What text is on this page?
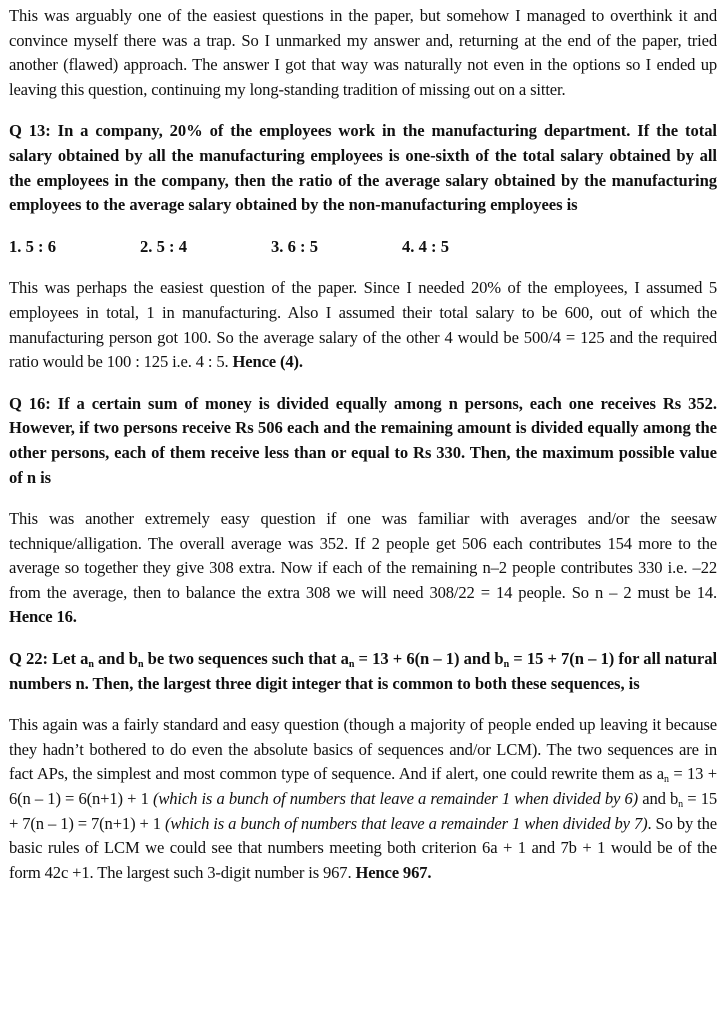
This was arguably one of the easiest questions in the paper, but somehow I managed to overthink it and convince myself there was a trap. So I unmarked my answer and, returning at the end of the paper, tried another (flawed) approach. The answer I got that way was naturally not even in the options so I ended up leaving this question, continuing my long-standing tradition of missing out on a sitter.

Q 13: In a company, 20% of the employees work in the manufacturing department. If the total salary obtained by all the manufacturing employees is one-sixth of the total salary obtained by all the employees in the company, then the ratio of the average salary obtained by the manufacturing employees to the average salary obtained by the non-manufacturing employees is

1. 5 : 6	2. 5 : 4	3. 6 : 5	4. 4 : 5

This was perhaps the easiest question of the paper. Since I needed 20% of the employees, I assumed 5 employees in total, 1 in manufacturing. Also I assumed their total salary to be 600, out of which the manufacturing person got 100. So the average salary of the other 4 would be 500/4 = 125 and the required ratio would be 100 : 125 i.e. 4 : 5. Hence (4).

Q 16: If a certain sum of money is divided equally among n persons, each one receives Rs 352. However, if two persons receive Rs 506 each and the remaining amount is divided equally among the other persons, each of them receive less than or equal to Rs 330. Then, the maximum possible value of n is

This was another extremely easy question if one was familiar with averages and/or the seesaw technique/alligation. The overall average was 352. If 2 people get 506 each contributes 154 more to the average so together they give 308 extra. Now if each of the remaining n–2 people contributes 330 i.e. –22 from the average, then to balance the extra 308 we will need 308/22 = 14 people. So n – 2 must be 14. Hence 16.

Q 22: Let $a_n$ and $b_n$ be two sequences such that $a_n = 13 + 6(n - 1)$ and $b_n = 15 + 7(n - 1)$ for all natural numbers n. Then, the largest three digit integer that is common to both these sequences, is

This again was a fairly standard and easy question (though a majority of people ended up leaving it because they hadn’t bothered to do even the absolute basics of sequences and/or LCM). The two sequences are in fact APs, the simplest and most common type of sequence. And if alert, one could rewrite them as $a_n = 13 + 6(n - 1) = 6(n+1) + 1$ (which is a bunch of numbers that leave a remainder 1 when divided by 6) and $b_n = 15 + 7(n - 1) = 7(n+1) + 1$ (which is a bunch of numbers that leave a remainder 1 when divided by 7). So by the basic rules of LCM we could see that numbers meeting both criterion 6a + 1 and 7b + 1 would be of the form 42c +1. The largest such 3-digit number is 967. Hence 967.
